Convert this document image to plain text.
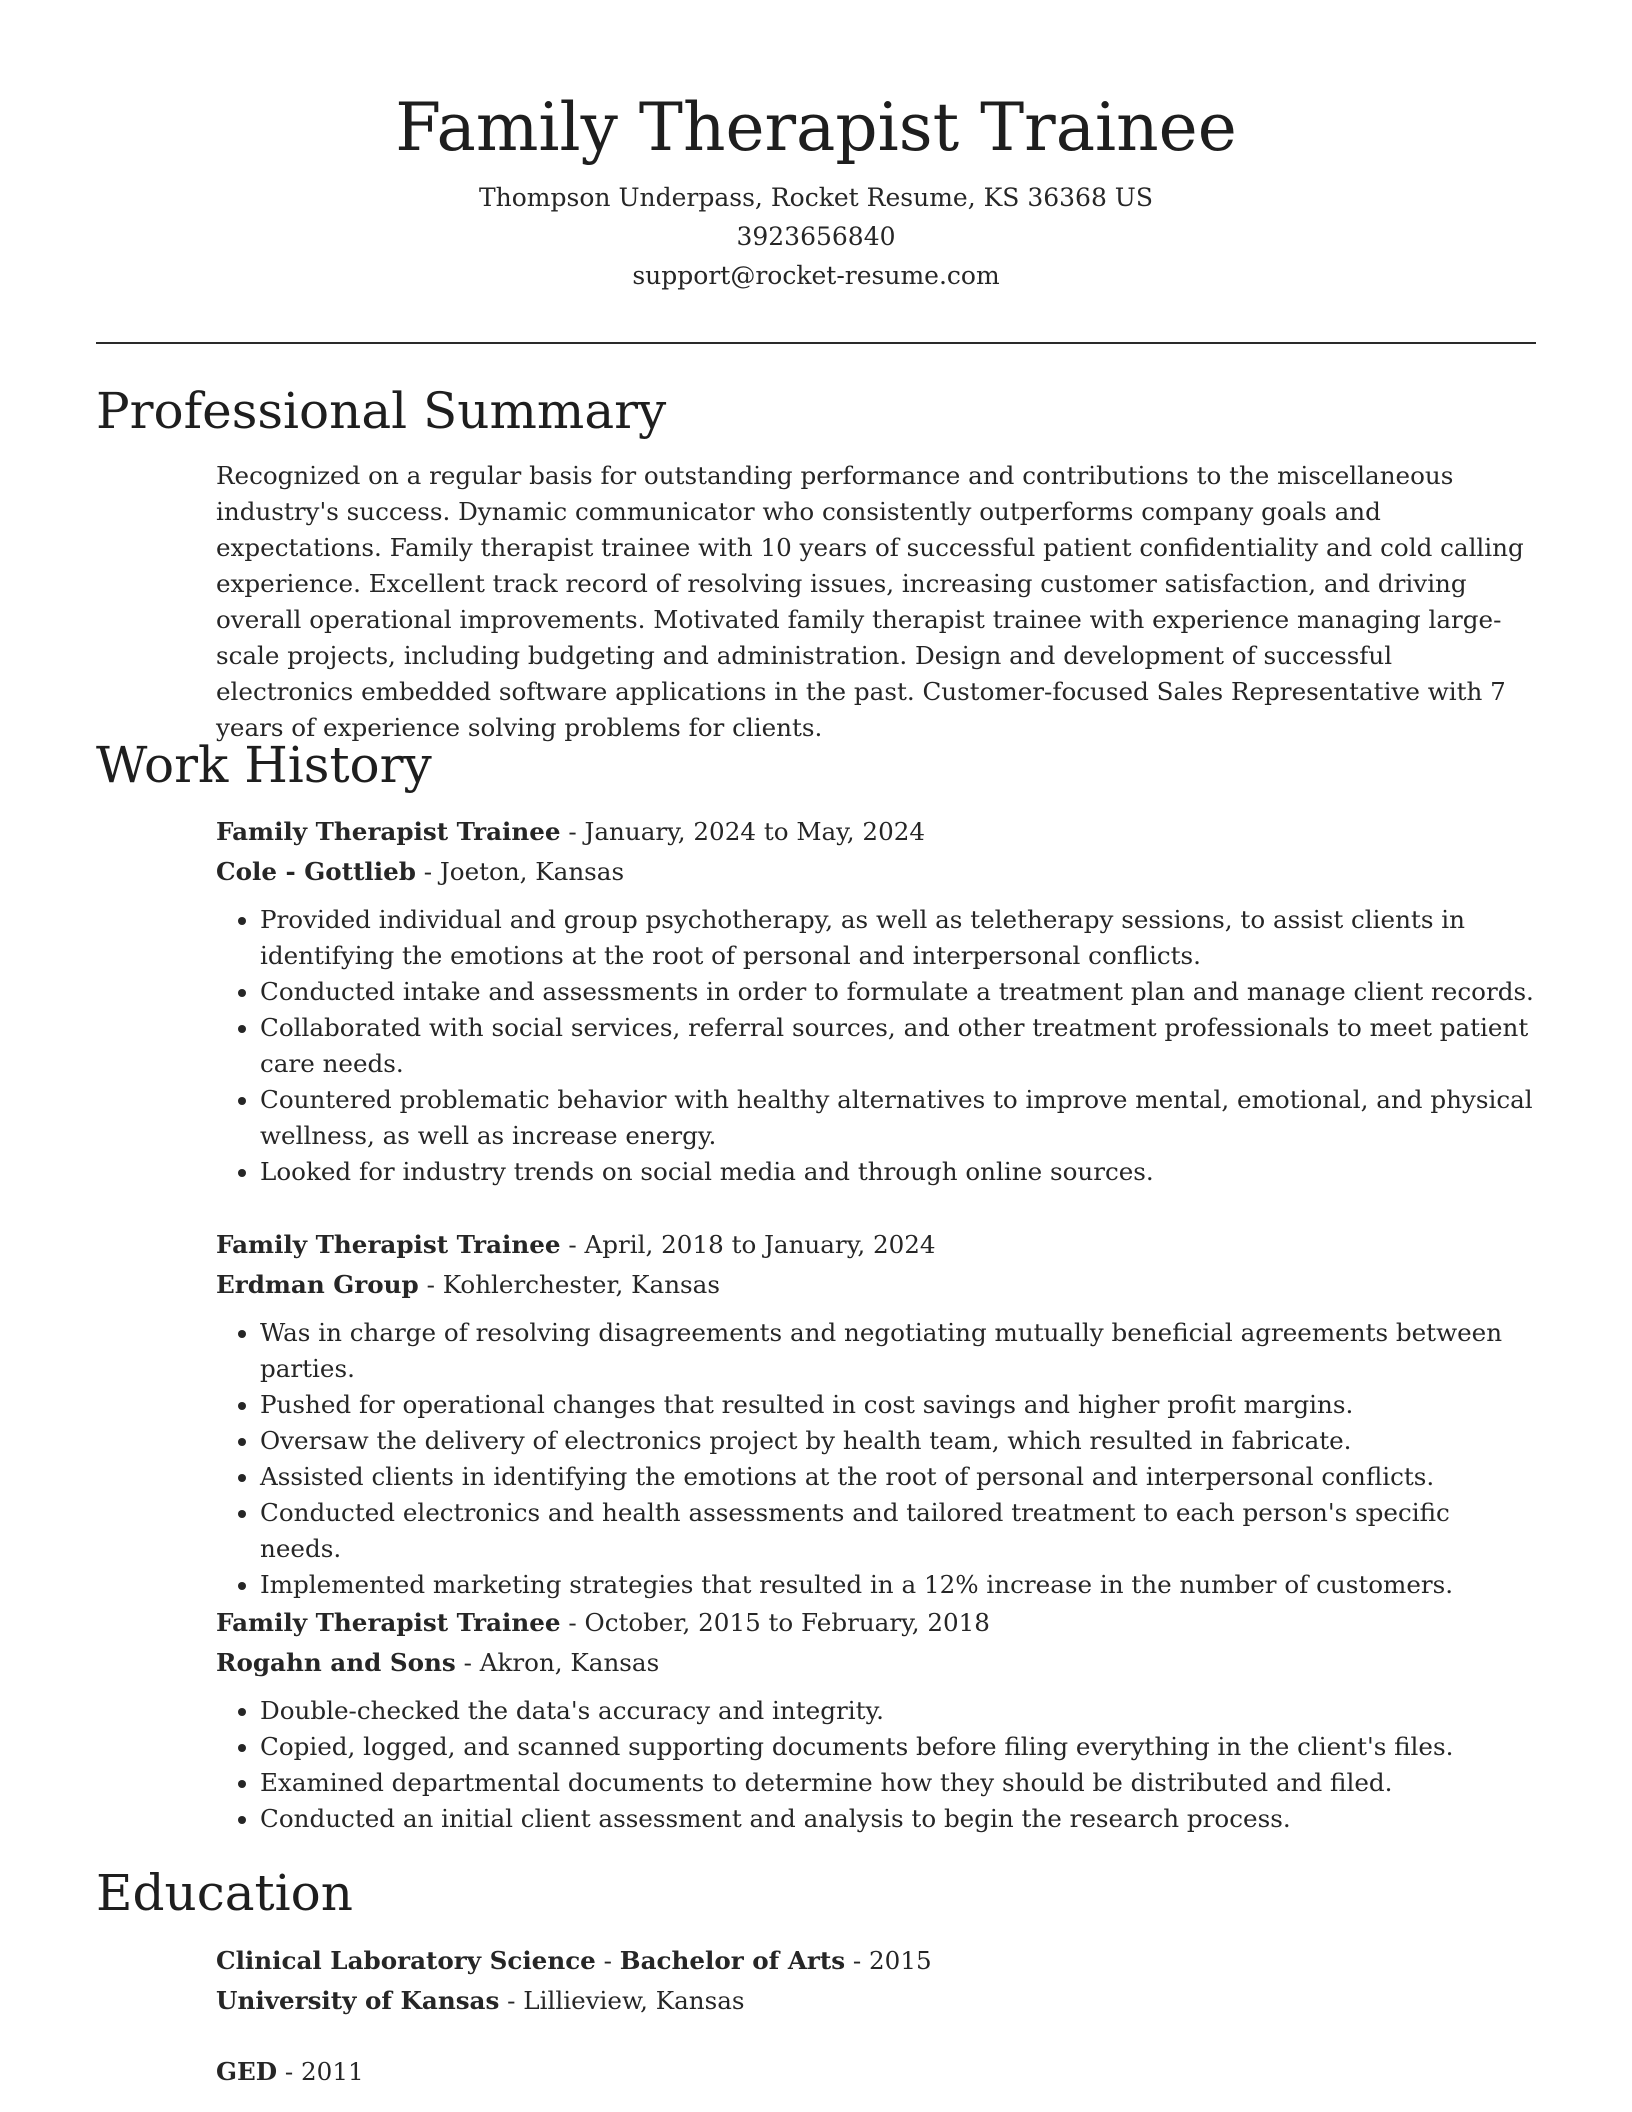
Family Therapist Trainee
Thompson Underpass, Rocket Resume, KS 36368 US
3923656840
support@rocket-resume.com
Professional Summary

Recognized on a regular basis for outstanding performance and contributions to the miscellaneous industry's success. Dynamic communicator who consistently outperforms company goals and expectations. Family therapist trainee with 10 years of successful patient confidentiality and cold calling experience. Excellent track record of resolving issues, increasing customer satisfaction, and driving overall operational improvements. Motivated family therapist trainee with experience managing large-scale projects, including budgeting and administration. Design and development of successful electronics embedded software applications in the past. Customer-focused Sales Representative with 7 years of experience solving problems for clients.

Work History
Family Therapist Trainee - January, 2024 to May, 2024
Cole - Gottlieb - Joeton, Kansas
• Provided individual and group psychotherapy, as well as teletherapy sessions, to assist clients in identifying the emotions at the root of personal and interpersonal conflicts.
• Conducted intake and assessments in order to formulate a treatment plan and manage client records.
• Collaborated with social services, referral sources, and other treatment professionals to meet patient care needs.
• Countered problematic behavior with healthy alternatives to improve mental, emotional, and physical wellness, as well as increase energy.
• Looked for industry trends on social media and through online sources.
Family Therapist Trainee - April, 2018 to January, 2024
Erdman Group - Kohlerchester, Kansas
• Was in charge of resolving disagreements and negotiating mutually beneficial agreements between parties.
• Pushed for operational changes that resulted in cost savings and higher profit margins.
• Oversaw the delivery of electronics project by health team, which resulted in fabricate.
• Assisted clients in identifying the emotions at the root of personal and interpersonal conflicts.
• Conducted electronics and health assessments and tailored treatment to each person's specific needs.
• Implemented marketing strategies that resulted in a 12% increase in the number of customers.
Family Therapist Trainee - October, 2015 to February, 2018
Rogahn and Sons - Akron, Kansas
• Double-checked the data's accuracy and integrity.
• Copied, logged, and scanned supporting documents before filing everything in the client's files.
• Examined departmental documents to determine how they should be distributed and filed.
• Conducted an initial client assessment and analysis to begin the research process.
Education
Clinical Laboratory Science - Bachelor of Arts - 2015
University of Kansas - Lillieview, Kansas
GED - 2011
